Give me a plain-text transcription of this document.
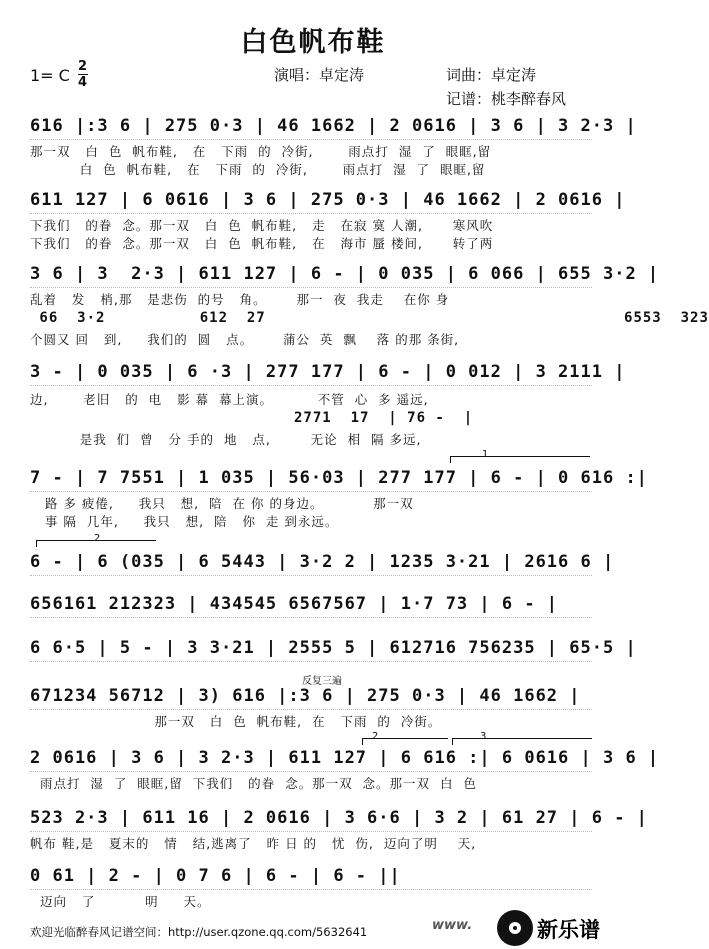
白色帆布鞋
1= C 2
4	演唱：卓定涛	词曲：卓定涛
记谱：桃李醉春风
616 |:3 6 | 275 0·3 | 46 1662 | 2 0616 | 3 6 | 3 2·3 |
那一双   白  色  帆布鞋,   在   下雨  的  冷街,       雨点打  湿  了  眼眶,留
白  色  帆布鞋,   在   下雨  的  冷街,       雨点打  湿  了  眼眶,留
611 127 | 6 0616 | 3 6 | 275 0·3 | 46 1662 | 2 0616 |
下我们   的眷  念。那一双   白  色  帆布鞋,   走   在寂 寞 人潮,      寒风吹
下我们   的眷  念。那一双   白  色  帆布鞋,   在   海市 蜃 楼间,      转了两
3 6 | 3  2·3 | 611 127 | 6 - | 0 035 | 6 066 | 655 3·2 |
乱着   发   梢,那   是悲伤  的号   角。      那一  夜  我走    在你 身
66  3·2          612  27                                      6553  323
个圆又 回   到,     我们的  圆   点。      蒲公  英  飘    落 的那 条街,
3 - | 0 035 | 6 ·3 | 277 177 | 6 - | 0 012 | 3 2111 |
边,       老旧   的  电   影 幕  幕上演。         不管  心  多 遥远,
2771  17  | 76 -  |
是我  们  曾   分 手的  地   点,        无论  相  隔 多远,
1
7 - | 7 7551 | 1 035 | 56·03 | 277 177 | 6 - | 0 616 :|
路 多 疲倦,     我只   想,  陪  在 你 的身边。          那一双
事 隔  几年,     我只   想,  陪   你  走 到永远。
2
6 - | 6 (035 | 6 5443 | 3·2 2 | 1235 3·21 | 2616 6 |
656161 212323 | 434545 6567567 | 1·7 73 | 6 - |
6 6·5 | 5 - | 3 3·21 | 2555 5 | 612716 756235 | 65·5 |
反复三遍
671234 56712 | 3) 616 |:3 6 | 275 0·3 | 46 1662 |
那一双   白  色  帆布鞋,  在   下雨  的  冷街。
2	3
2 0616 | 3 6 | 3 2·3 | 611 127 | 6 616 :| 6 0616 | 3 6 |
雨点打  湿  了  眼眶,留  下我们   的眷  念。那一双  念。那一双  白  色
523 2·3 | 611 16 | 2 0616 | 3 6·6 | 3 2 | 61 27 | 6 - |
帆布 鞋,是   夏末的   情   结,逃离了   昨 日 的   忧  伤,  迈向了明    天,
0 61 | 2 - | 0 7 6 | 6 - | 6 - ||
迈向   了          明     天。
欢迎光临醉春风记谱空间：http://user.qzone.qq.com/5632641	www.	新乐谱
